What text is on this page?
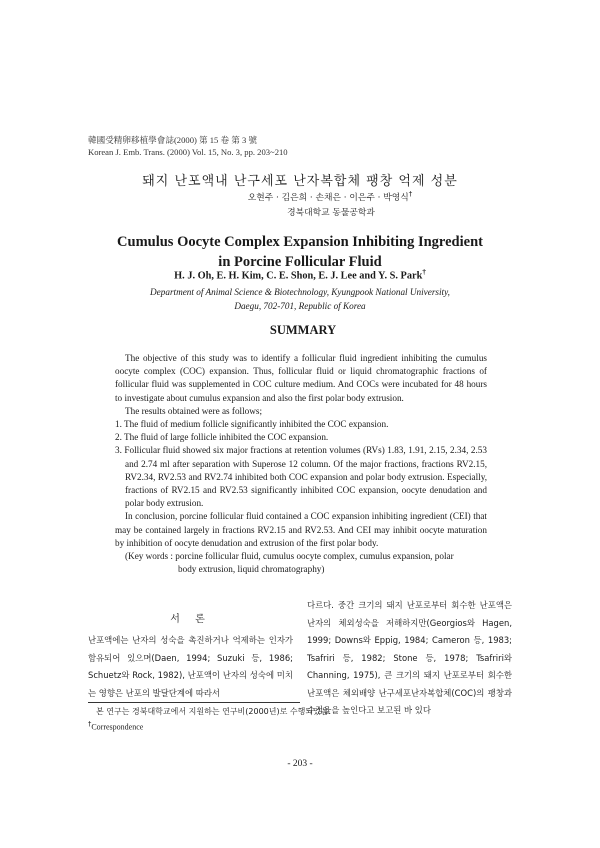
韓國受精卵移植學會誌(2000) 第 15 卷 第 3 號
Korean J. Emb. Trans. (2000) Vol. 15, No. 3, pp. 203~210
돼지 난포액내 난구세포 난자복합체 팽창 억제 성분
오현주 · 김은희 · 손채은 · 이은주 · 박영식†
경북대학교 동물공학과
Cumulus Oocyte Complex Expansion Inhibiting Ingredient
in Porcine Follicular Fluid
H. J. Oh, E. H. Kim, C. E. Shon, E. J. Lee and Y. S. Park†
Department of Animal Science & Biotechnology, Kyungpook National University,
Daegu, 702-701, Republic of Korea
SUMMARY

The objective of this study was to identify a follicular fluid ingredient inhibiting the cumulus oocyte complex (COC) expansion. Thus, follicular fluid or liquid chromatographic fractions of follicular fluid was supplemented in COC culture medium. And COCs were incubated for 48 hours to investigate about cumulus expansion and also the first polar body extrusion.

The results obtained were as follows;

1. The fluid of medium follicle significantly inhibited the COC expansion.

2. The fluid of large follicle inhibited the COC expansion.

3. Follicular fluid showed six major fractions at retention volumes (RVs) 1.83, 1.91, 2.15, 2.34, 2.53 and 2.74 ml after separation with Superose 12 column. Of the major fractions, fractions RV2.15, RV2.34, RV2.53 and RV2.74 inhibited both COC expansion and polar body extrusion. Especially, fractions of RV2.15 and RV2.53 significantly inhibited COC expansion, oocyte denudation and polar body extrusion.

In conclusion, porcine follicular fluid contained a COC expansion inhibiting ingredient (CEI) that may be contained largely in fractions RV2.15 and RV2.53. And CEI may inhibit oocyte maturation by inhibition of oocyte denudation and extrusion of the first polar body.

(Key words : porcine follicular fluid, cumulus oocyte complex, cumulus expansion, polar

body extrusion, liquid chromatography)

서 론

난포액에는 난자의 성숙을 촉진하거나 억제하는 인자가 함유되어 있으며(Daen, 1994; Suzuki 등, 1986; Schuetz와 Rock, 1982), 난포액이 난자의 성숙에 미치는 영향은 난포의 발달단계에 따라서

다르다. 중간 크기의 돼지 난포로부터 회수한 난포액은 난자의 체외성숙을 저해하지만(Georgios와 Hagen, 1999; Downs와 Eppig, 1984; Cameron 등, 1983; Tsafriri 등, 1982; Stone 등, 1978; Tsafriri와 Channing, 1975), 큰 크기의 돼지 난포로부터 회수한 난포액은 체외배양 난구세포난자복합체(COC)의 팽창과 수정율을 높인다고 보고된 바 있다

본 연구는 경북대학교에서 지원하는 연구비(2000년)로 수행되었음.
†Correspondence
- 203 -
